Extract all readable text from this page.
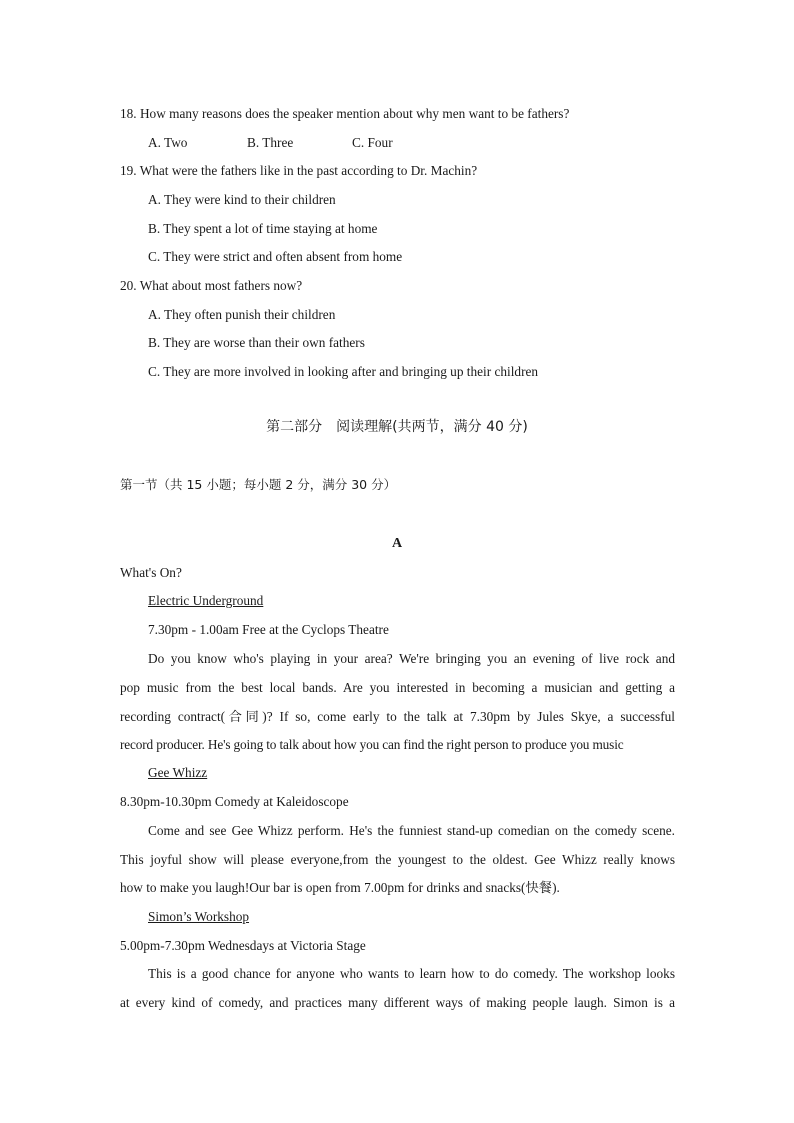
18. How many reasons does the speaker mention about why men want to be fathers?
A. Two	B. Three	C. Four
19. What were the fathers like in the past according to Dr. Machin?
A. They were kind to their children
B. They spent a lot of time staying at home
C. They were strict and often absent from home
20. What about most fathers now?
A. They often punish their children
B. They are worse than their own fathers
C. They are more involved in looking after and bringing up their children
第二部分　阅读理解(共两节，满分 40 分)
第一节（共 15 小题；每小题 2 分，满分 30 分）
A
What's On?
Electric Underground
7.30pm - 1.00am Free at the Cyclops Theatre
Do you know who's playing in your area? We're bringing you an evening of live rock and
pop music from the best local bands. Are you interested in becoming a musician and getting a
recording contract(合同)? If so, come early to the talk at 7.30pm by Jules Skye, a successful
record producer. He's going to talk about how you can find the right person to produce you music
Gee Whizz
8.30pm-10.30pm Comedy at Kaleidoscope
Come and see Gee Whizz perform. He's the funniest stand-up comedian on the comedy scene.
This joyful show will please everyone,from the youngest to the oldest. Gee Whizz really knows
how to make you laugh!Our bar is open from 7.00pm for drinks and snacks(快餐).
Simon’s Workshop
5.00pm-7.30pm Wednesdays at Victoria Stage
This is a good chance for anyone who wants to learn how to do comedy. The workshop looks
at every kind of comedy, and practices many different ways of making people laugh. Simon is a
